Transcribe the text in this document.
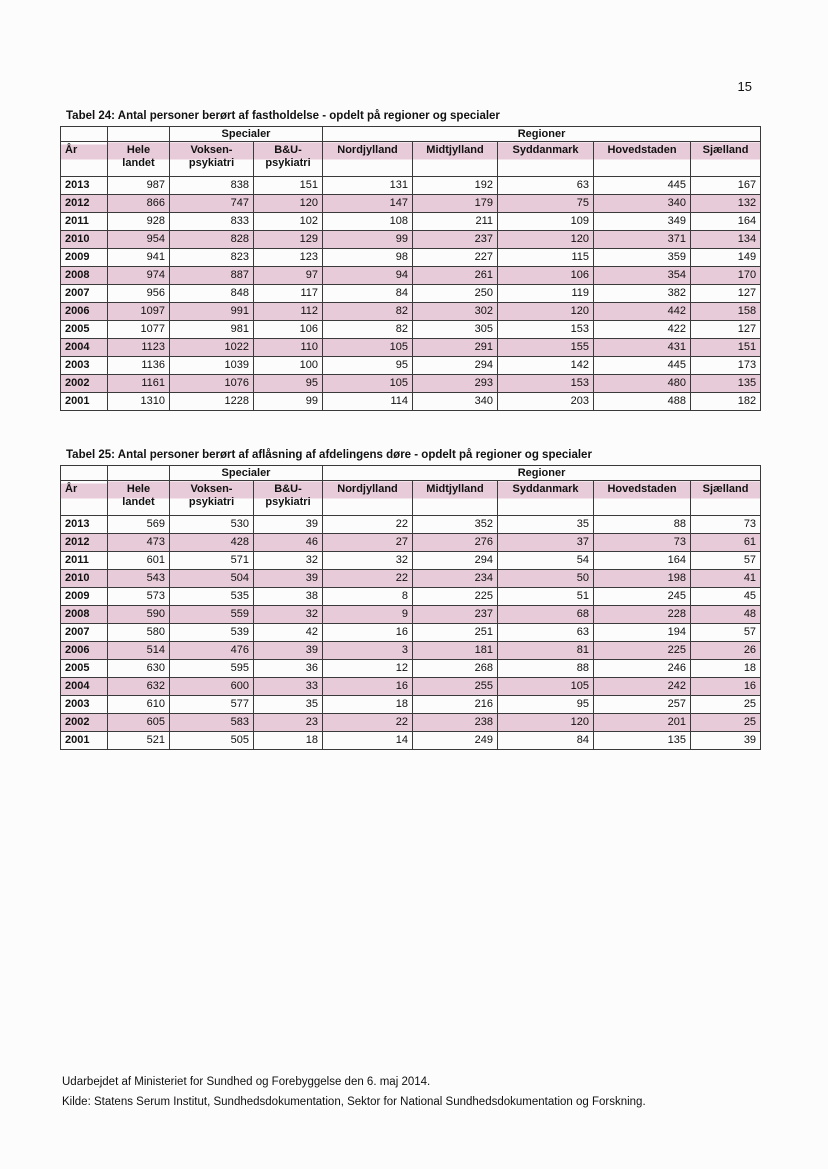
15
Tabel 24: Antal personer berørt af fastholdelse - opdelt på regioner og specialer
		Specialer		Regioner				
År	Hele landet	Voksen- psykiatri	B&U- psykiatri	Nordjylland	Midtjylland	Syddanmark	Hovedstaden	Sjælland
2013	987	838	151	131	192	63	445	167
2012	866	747	120	147	179	75	340	132
2011	928	833	102	108	211	109	349	164
2010	954	828	129	99	237	120	371	134
2009	941	823	123	98	227	115	359	149
2008	974	887	97	94	261	106	354	170
2007	956	848	117	84	250	119	382	127
2006	1097	991	112	82	302	120	442	158
2005	1077	981	106	82	305	153	422	127
2004	1123	1022	110	105	291	155	431	151
2003	1136	1039	100	95	294	142	445	173
2002	1161	1076	95	105	293	153	480	135
2001	1310	1228	99	114	340	203	488	182
Tabel 25: Antal personer berørt af aflåsning af afdelingens døre - opdelt på regioner og specialer
		Specialer		Regioner				
År	Hele landet	Voksen- psykiatri	B&U- psykiatri	Nordjylland	Midtjylland	Syddanmark	Hovedstaden	Sjælland
2013	569	530	39	22	352	35	88	73
2012	473	428	46	27	276	37	73	61
2011	601	571	32	32	294	54	164	57
2010	543	504	39	22	234	50	198	41
2009	573	535	38	8	225	51	245	45
2008	590	559	32	9	237	68	228	48
2007	580	539	42	16	251	63	194	57
2006	514	476	39	3	181	81	225	26
2005	630	595	36	12	268	88	246	18
2004	632	600	33	16	255	105	242	16
2003	610	577	35	18	216	95	257	25
2002	605	583	23	22	238	120	201	25
2001	521	505	18	14	249	84	135	39
Udarbejdet af Ministeriet for Sundhed og Forebyggelse den 6. maj 2014.
Kilde: Statens Serum Institut, Sundhedsdokumentation, Sektor for National Sundhedsdokumentation og Forskning.
